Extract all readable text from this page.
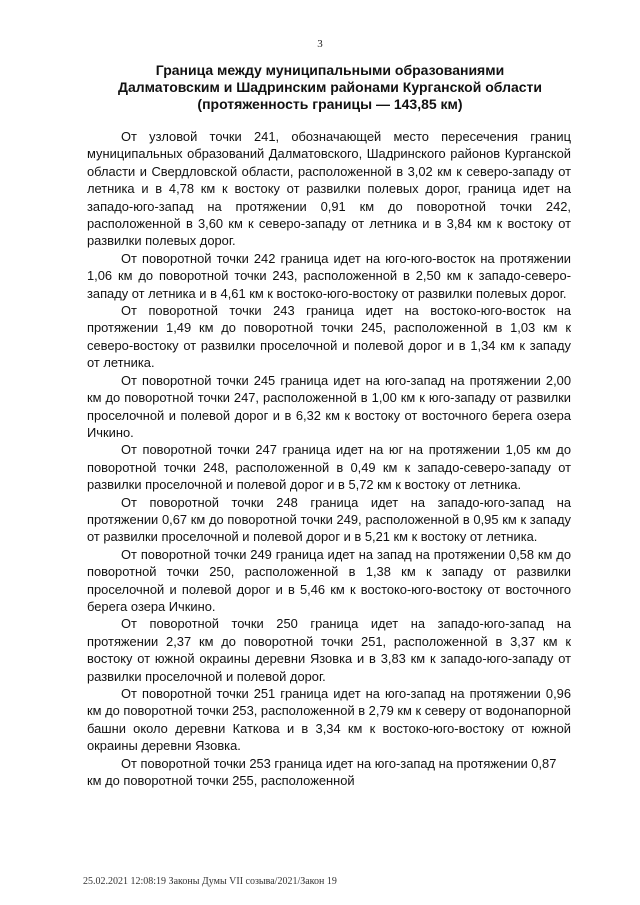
3
Граница между муниципальными образованиями
Далматовским и Шадринским районами Курганской области
(протяженность границы — 143,85 км)

От узловой точки 241, обозначающей место пересечения границ муниципальных образований Далматовского, Шадринского районов Курганской области и Свердловской области, расположенной в 3,02 км к северо-западу от летника и в 4,78 км к востоку от развилки полевых дорог, граница идет на западо-юго-запад на протяжении 0,91 км до поворотной точки 242, расположенной в 3,60 км к северо-западу от летника и в 3,84 км к востоку от развилки полевых дорог.

От поворотной точки 242 граница идет на юго-юго-восток на протяжении 1,06 км до поворотной точки 243, расположенной в 2,50 км к западо-северо-западу от летника и в 4,61 км к востоко-юго-востоку от развилки полевых дорог.

От поворотной точки 243 граница идет на востоко-юго-восток на протяжении 1,49 км до поворотной точки 245, расположенной в 1,03 км к северо-востоку от развилки проселочной и полевой дорог и в 1,34 км к западу от летника.

От поворотной точки 245 граница идет на юго-запад на протяжении 2,00 км до поворотной точки 247, расположенной в 1,00 км к юго-западу от развилки проселочной и полевой дорог и в 6,32 км к востоку от восточного берега озера Ичкино.

От поворотной точки 247 граница идет на юг на протяжении 1,05 км до поворотной точки 248, расположенной в 0,49 км к западо-северо-западу от развилки проселочной и полевой дорог и в 5,72 км к востоку от летника.

От поворотной точки 248 граница идет на западо-юго-запад на протяжении 0,67 км до поворотной точки 249, расположенной в 0,95 км к западу от развилки проселочной и полевой дорог и в 5,21 км к востоку от летника.

От поворотной точки 249 граница идет на запад на протяжении 0,58 км до поворотной точки 250, расположенной в 1,38 км к западу от развилки проселочной и полевой дорог и в 5,46 км к востоко-юго-востоку от восточного берега озера Ичкино.

От поворотной точки 250 граница идет на западо-юго-запад на протяжении 2,37 км до поворотной точки 251, расположенной в 3,37 км к востоку от южной окраины деревни Язовка и в 3,83 км к западо-юго-западу от развилки проселочной и полевой дорог.

От поворотной точки 251 граница идет на юго-запад на протяжении 0,96 км до поворотной точки 253, расположенной в 2,79 км к северу от водонапорной башни около деревни Каткова и в 3,34 км к востоко-юго-востоку от южной окраины деревни Язовка.

От поворотной точки 253 граница идет на юго-запад на протяжении 0,87 км до поворотной точки 255, расположенной

25.02.2021 12:08:19 Законы Думы VII созыва/2021/Закон 19
